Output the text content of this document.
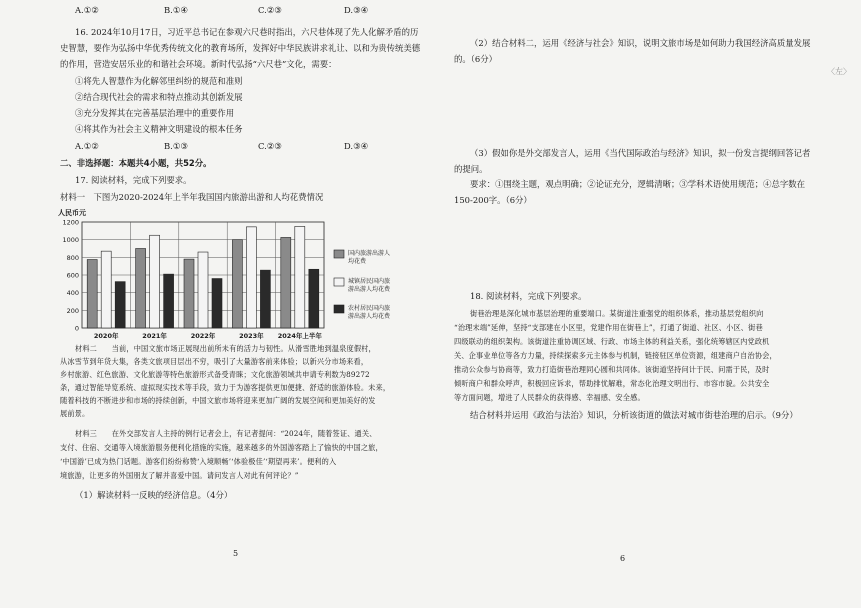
A.①②	B.①④	C.②③	D.③④
16. 2024年10月17日，习近平总书记在参观六尺巷时指出，六尺巷体现了先人化解矛盾的历
史智慧，要作为弘扬中华优秀传统文化的教育场所，发挥好中华民族讲求礼让、以和为贵传统美德
的作用，营造安居乐业的和谐社会环境。新时代弘扬“六尺巷”文化，需要：
①将先人智慧作为化解邻里纠纷的规范和准则
②结合现代社会的需求和特点推动其创新发展
③充分发挥其在完善基层治理中的重要作用
④将其作为社会主义精神文明建设的根本任务
A.①②	B.①③	C.②③	D.③④
二、非选择题：本题共4小题，共52分。
17. 阅读材料，完成下列要求。
材料一　下图为2020-2024年上半年我国国内旅游出游和人均花费情况
0
200
400
600
800
1000
1200
2020年	2021年	2022年	2023年 2024年上半年
国内旅游出游人
均花费
城镇居民国内旅
游出游人均花费
农村居民国内旅
游出游人均花费
人民币元
材料二　　当前，中国文旅市场正展现出前所未有的活力与韧性。从滑雪胜地到温泉度假村，
从冰雪节到年货大集，各类文旅项目层出不穷，吸引了大量游客前来体验；以新兴分市场来看，
乡村旅游、红色旅游、文化旅游等特色旅游形式备受青睐；文化旅游领域共申请专利数为89272
条，通过智能导览系统、虚拟现实技术等手段，致力于为游客提供更加便捷、舒适的旅游体验。未来，
随着科技的不断进步和市场的持续创新，中国文旅市场将迎来更加广阔的发展空间和更加美好的发
展前景。
材料三　　在外交部发言人主持的例行记者会上，有记者提问：“2024年，随着签证、通关、
支付、住宿、交通等入境旅游服务便利化措施的实施，越来越多的外国游客踏上了愉快的中国之旅，
‘中国游’已成为热门话题。游客们纷纷称赞‘入境顺畅’‘体验极佳’‘期望再来’。便利的入
境旅游，让更多的外国朋友了解并喜爱中国。请问发言人对此有何评论？”
（1）解读材料一反映的经济信息。（4分）
5
（2）结合材料二，运用《经济与社会》知识，说明文旅市场是如何助力我国经济高质量发展
的。（6分）
〈左〉
（3）假如你是外交部发言人，运用《当代国际政治与经济》知识，拟一份发言提纲回答记者
的提问。
要求：①围绕主题，观点明确；②论证充分，逻辑清晰；③学科术语使用规范；④总字数在
150-200字。（6分）
18. 阅读材料，完成下列要求。
街巷治理是深化城市基层治理的重要端口。某街道注重强党的组织体系，推动基层党组织向
“治理末端”延伸，坚持“支部建在小区里，党建作用在街巷上”，打通了街道、社区、小区、街巷
四级联动的组织架构。该街道注重协调区域、行政、市场主体的利益关系，强化统筹辖区内党政机
关、企事业单位等各方力量，持续探索多元主体参与机制，链接驻区单位资源，组建商户自治协会，
推动公众参与协商等，致力打造街巷治理同心圆和共同体。该街道坚持问计于民、问需于民，及时
倾听商户和群众呼声，积极回应诉求，帮助排忧解难，常态化治理文明出行、市容市貌。公共安全
等方面问题，增进了人民群众的获得感、幸福感、安全感。
结合材料并运用《政治与法治》知识，分析该街道的做法对城市街巷治理的启示。（9分）
6
